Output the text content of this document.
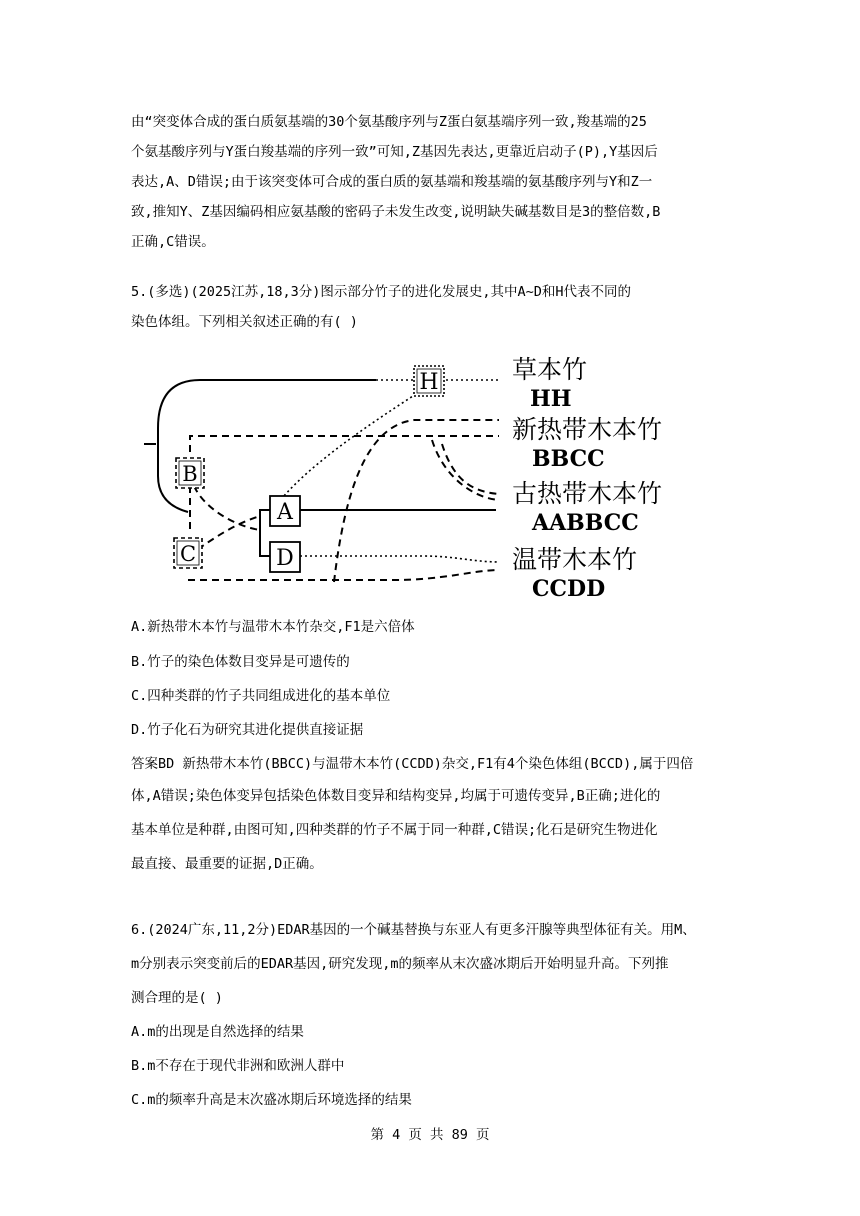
由“突变体合成的蛋白质氨基端的30个氨基酸序列与Z蛋白氨基端序列一致,羧基端的25
个氨基酸序列与Y蛋白羧基端的序列一致”可知,Z基因先表达,更靠近启动子(P),Y基因后
表达,A、D错误;由于该突变体可合成的蛋白质的氨基端和羧基端的氨基酸序列与Y和Z一
致,推知Y、Z基因编码相应氨基酸的密码子未发生改变,说明缺失碱基数目是3的整倍数,B
正确,C错误。
5.(多选)(2025江苏,18,3分)图示部分竹子的进化发展史,其中A~D和H代表不同的
染色体组。下列相关叙述正确的有( )
H
B
A
C	D
草本竹
HH
新热带木本竹
BBCC
古热带木本竹
AABBCC
温带木本竹
CCDD
A.新热带木本竹与温带木本竹杂交,F1是六倍体
B.竹子的染色体数目变异是可遗传的
C.四种类群的竹子共同组成进化的基本单位
D.竹子化石为研究其进化提供直接证据
答案BD 新热带木本竹(BBCC)与温带木本竹(CCDD)杂交,F1有4个染色体组(BCCD),属于四倍
体,A错误;染色体变异包括染色体数目变异和结构变异,均属于可遗传变异,B正确;进化的
基本单位是种群,由图可知,四种类群的竹子不属于同一种群,C错误;化石是研究生物进化
最直接、最重要的证据,D正确。
6.(2024广东,11,2分)EDAR基因的一个碱基替换与东亚人有更多汗腺等典型体征有关。用M、
m分别表示突变前后的EDAR基因,研究发现,m的频率从末次盛冰期后开始明显升高。下列推
测合理的是( )
A.m的出现是自然选择的结果
B.m不存在于现代非洲和欧洲人群中
C.m的频率升高是末次盛冰期后环境选择的结果
第 4 页 共 89 页
